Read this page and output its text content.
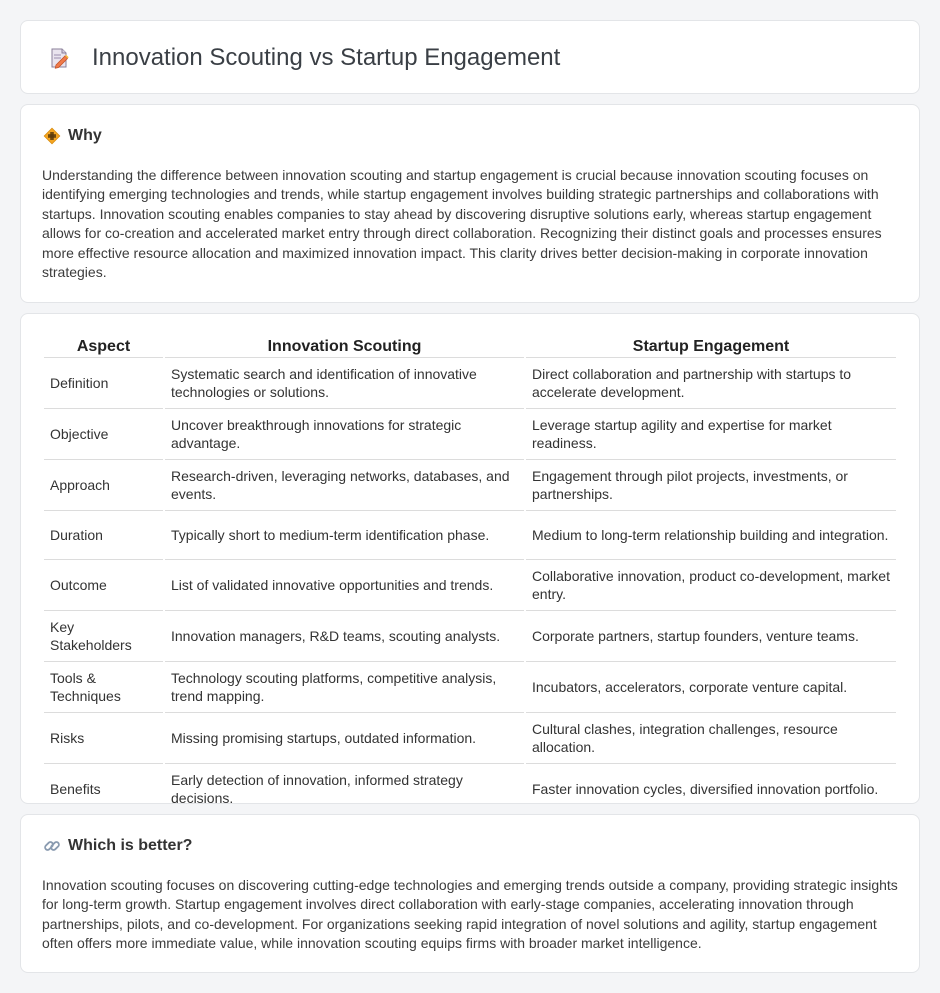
Innovation Scouting vs Startup Engagement
Why

Understanding the difference between innovation scouting and startup engagement is crucial because innovation scouting focuses on identifying emerging technologies and trends, while startup engagement involves building strategic partnerships and collaborations with startups. Innovation scouting enables companies to stay ahead by discovering disruptive solutions early, whereas startup engagement allows for co-creation and accelerated market entry through direct collaboration. Recognizing their distinct goals and processes ensures more effective resource allocation and maximized innovation impact. This clarity drives better decision-making in corporate innovation strategies.

Aspect	Innovation Scouting	Startup Engagement
Definition	Systematic search and identification of innovative technologies or solutions.	Direct collaboration and partnership with startups to accelerate development.
Objective	Uncover breakthrough innovations for strategic advantage.	Leverage startup agility and expertise for market readiness.
Approach	Research-driven, leveraging networks, databases, and events.	Engagement through pilot projects, investments, or partnerships.
Duration	Typically short to medium-term identification phase.	Medium to long-term relationship building and integration.
Outcome	List of validated innovative opportunities and trends.	Collaborative innovation, product co-development, market entry.
Key Stakeholders	Innovation managers, R&D teams, scouting analysts.	Corporate partners, startup founders, venture teams.
Tools & Techniques	Technology scouting platforms, competitive analysis, trend mapping.	Incubators, accelerators, corporate venture capital.
Risks	Missing promising startups, outdated information.	Cultural clashes, integration challenges, resource allocation.
Benefits	Early detection of innovation, informed strategy decisions.	Faster innovation cycles, diversified innovation portfolio.
Which is better?

Innovation scouting focuses on discovering cutting-edge technologies and emerging trends outside a company, providing strategic insights for long-term growth. Startup engagement involves direct collaboration with early-stage companies, accelerating innovation through partnerships, pilots, and co-development. For organizations seeking rapid integration of novel solutions and agility, startup engagement often offers more immediate value, while innovation scouting equips firms with broader market intelligence.
